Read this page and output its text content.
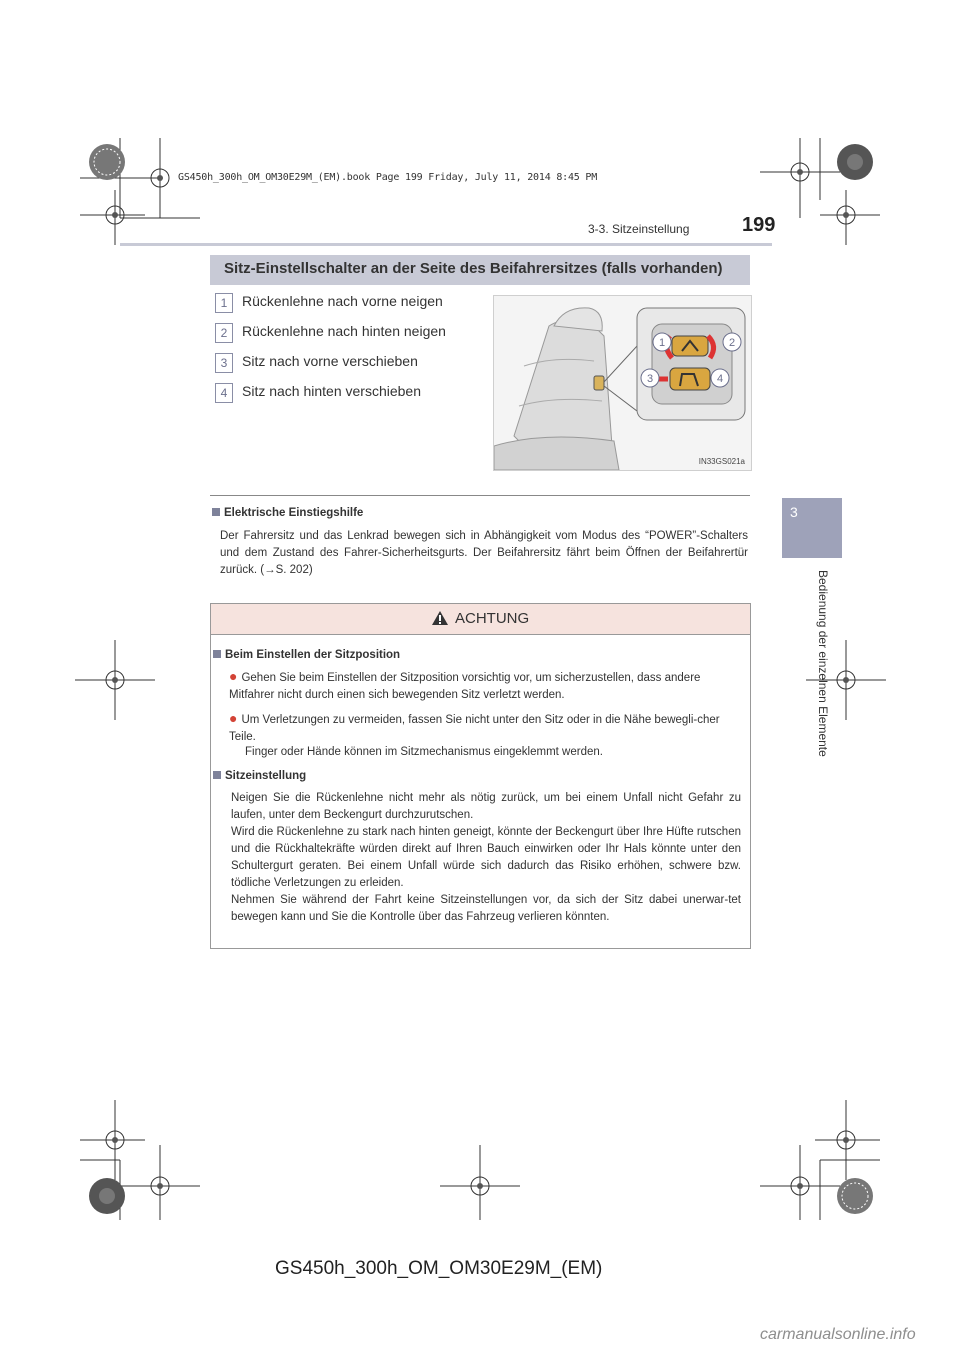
GS450h_300h_OM_OM30E29M_(EM).book Page 199 Friday, July 11, 2014 8:45 PM
3-3. Sitzeinstellung	199
3
Bedienung der einzelnen Elemente
Sitz-Einstellschalter an der Seite des Beifahrersitzes (falls vorhanden)
1	Rückenlehne nach vorne neigen
2	Rückenlehne nach hinten neigen
3	Sitz nach vorne verschieben
4	Sitz nach hinten verschieben
1	2
3	4
IN33GS021a
Elektrische Einstiegshilfe
Der Fahrersitz und das Lenkrad bewegen sich in Abhängigkeit vom Modus des “POWER”-Schalters und dem Zustand des Fahrer-Sicherheitsgurts. Der Beifahrersitz fährt beim Öffnen der Beifahrertür zurück. (→S. 202)
ACHTUNG
Beim Einstellen der Sitzposition
● Gehen Sie beim Einstellen der Sitzposition vorsichtig vor, um sicherzustellen, dass andere Mitfahrer nicht durch einen sich bewegenden Sitz verletzt werden.
● Um Verletzungen zu vermeiden, fassen Sie nicht unter den Sitz oder in die Nähe bewegli-cher Teile.
Finger oder Hände können im Sitzmechanismus eingeklemmt werden.
Sitzeinstellung
Neigen Sie die Rückenlehne nicht mehr als nötig zurück, um bei einem Unfall nicht Gefahr zu laufen, unter dem Beckengurt durchzurutschen.
Wird die Rückenlehne zu stark nach hinten geneigt, könnte der Beckengurt über Ihre Hüfte rutschen und die Rückhaltekräfte würden direkt auf Ihren Bauch einwirken oder Ihr Hals könnte unter den Schultergurt geraten. Bei einem Unfall würde sich dadurch das Risiko erhöhen, schwere bzw. tödliche Verletzungen zu erleiden.
Nehmen Sie während der Fahrt keine Sitzeinstellungen vor, da sich der Sitz dabei unerwar-tet bewegen kann und Sie die Kontrolle über das Fahrzeug verlieren könnten.
GS450h_300h_OM_OM30E29M_(EM)
carmanualsonline.info
